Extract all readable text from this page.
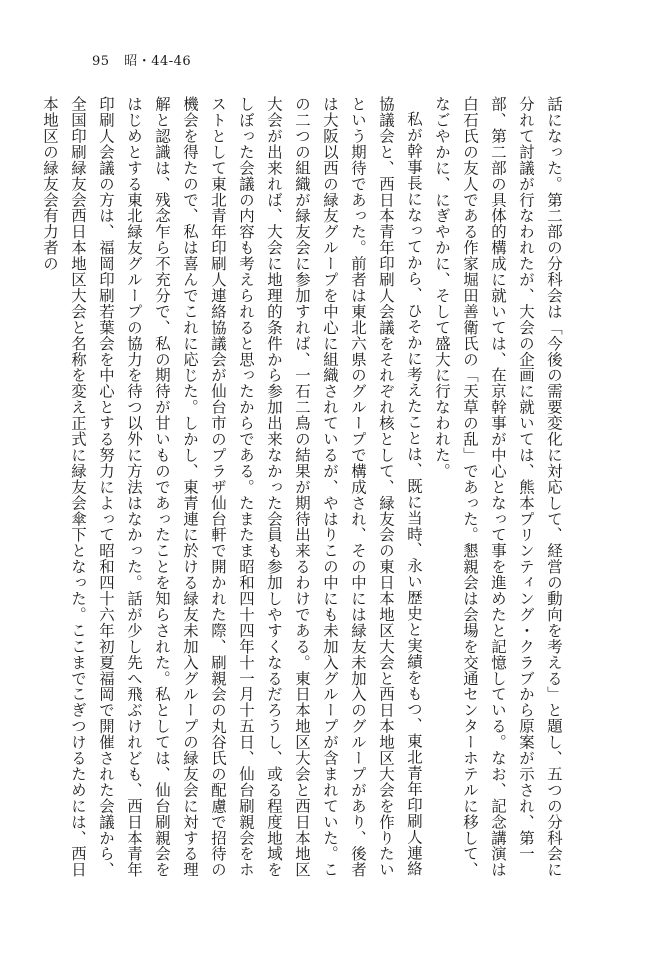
95 昭・44-46

話になった。第二部の分科会は「今後の需要変化に対応して、経営の動向を考える」と題し、五つの分科会に分れて討議が行なわれたが、大会の企画に就いては、熊本プリンティング・クラブから原案が示され、第一部、第二部の具体的構成に就いては、在京幹事が中心となって事を進めたと記憶している。なお、記念講演は白石氏の友人である作家堀田善衛氏の「天草の乱」であった。懇親会は会場を交通センターホテルに移して、なごやかに、にぎやかに、そして盛大に行なわれた。

私が幹事長になってから、ひそかに考えたことは、既に当時、永い歴史と実績をもつ、東北青年印刷人連絡協議会と、西日本青年印刷人会議をそれぞれ核として、緑友会の東日本地区大会と西日本地区大会を作りたいという期待であった。前者は東北六県のグループで構成され、その中には緑友未加入のグループがあり、後者は大阪以西の緑友グループを中心に組織されているが、やはりこの中にも未加入グループが含まれていた。この二つの組織が緑友会に参加すれば、一石二鳥の結果が期待出来るわけである。東日本地区大会と西日本地区大会が出来れば、大会に地理的条件から参加出来なかった会員も参加しやすくなるだろうし、或る程度地域をしぼった会議の内容も考えられると思ったからである。たまたま昭和四十四年十一月十五日、仙台刷親会をホストとして東北青年印刷人連絡協議会が仙台市のプラザ仙台軒で開かれた際、刷親会の丸谷氏の配慮で招待の機会を得たので、私は喜んでこれに応じた。しかし、東青連に於ける緑友未加入グループの緑友会に対する理解と認識は、残念乍ら不充分で、私の期待が甘いものであったことを知らされた。私としては、仙台刷親会をはじめとする東北緑友グループの協力を待つ以外に方法はなかった。話が少し先へ飛ぶけれども、西日本青年印刷人会議の方は、福岡印刷若葉会を中心とする努力によって昭和四十六年初夏福岡で開催された会議から、全国印刷緑友会西日本地区大会と名称を変え正式に緑友会傘下となった。ここまでこぎつけるためには、西日本地区の緑友会有力者の
